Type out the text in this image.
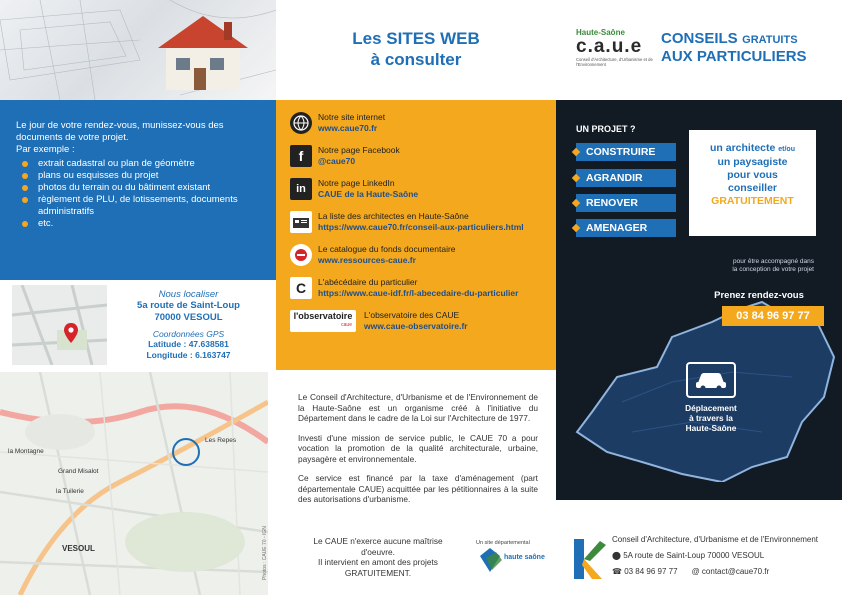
Le jour de votre rendez-vous, munissez-vous des documents de votre projet.

Par exemple :

extrait cadastral ou plan de géomètre
plans ou esquisses du projet
photos du terrain ou du bâtiment existant
règlement de PLU, de lotissements, documents administratifs
etc.
Nous localiser
5a route de Saint-Loup
70000 VESOUL
Coordonnées GPS
Latitude : 47.638581
Longitude : 6.163747
Les Repes
Grand Misalot
la Tuilerie
VESOUL
la Montagne
Photos : CAUE 70 - IGN
Les SITES WEB
à consulter
Notre site internet
www.caue70.fr
f Notre page Facebook
@caue70
in Notre page LinkedIn
CAUE de la Haute-Saône
La liste des architectes en Haute-Saône
https://www.caue70.fr/conseil-aux-particuliers.html
Le catalogue du fonds documentaire
www.ressources-caue.fr
C L'abécédaire du particulier
https://www.caue-idf.fr/l-abecedaire-du-particulier
l'observatoire
caue
L'observatoire des CAUE
www.caue-observatoire.fr

Le Conseil d'Architecture, d'Urbanisme et de l'Environnement de la Haute-Saône est un organisme créé à l'initiative du Département dans le cadre de la Loi sur l'Architecture de 1977.

Investi d'une mission de service public, le CAUE 70 a pour vocation la promotion de la qualité architecturale, urbaine, paysagère et environnementale.

Ce service est financé par la taxe d'aménagement (part départementale CAUE) acquittée par les pétitionnaires à la suite des autorisations d'urbanisme.

Le CAUE n'exerce aucune maîtrise d'oeuvre.
Il intervient en amont des projets GRATUITEMENT.
Un site départemental
haute saône
Haute-Saône
c.a.u.e
Conseil d'Architecture, d'Urbanisme et de l'Environnement
CONSEILS GRATUITS
AUX PARTICULIERS
UN PROJET ?
CONSTRUIRE
AGRANDIR
RENOVER
AMENAGER
un architecte et/ou
un paysagiste
pour vous
conseiller
GRATUITEMENT
pour être accompagné dans
la conception de votre projet
Prenez rendez-vous
03 84 96 97 77
Déplacement
à travers la
Haute-Saône
Conseil d'Architecture, d'Urbanisme et de l'Environnement
⬤ 5A route de Saint-Loup 70000 VESOUL
☎ 03 84 96 97 77 @ contact@caue70.fr
